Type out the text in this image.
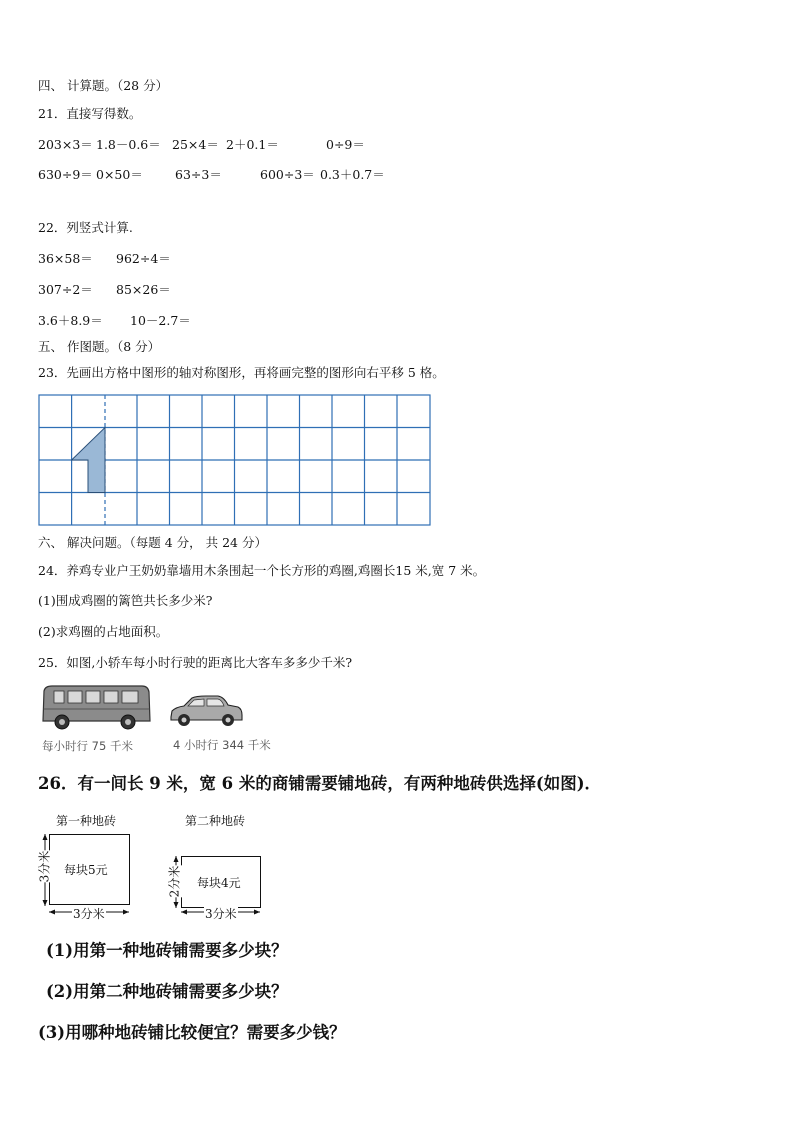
四、 计算题。（28 分）
21．直接写得数。
203×3＝ 1.8－0.6＝ 25×4＝ 2＋0.1＝	0÷9＝
630÷9＝ 0×50＝	63÷3＝	600÷3＝ 0.3＋0.7＝
22．列竖式计算.
36×58＝ 962÷4＝
307÷2＝ 85×26＝
3.6＋8.9＝ 10－2.7＝
五、 作图题。（8 分）
23．先画出方格中图形的轴对称图形，再将画完整的图形向右平移 5 格。
六、 解决问题。（每题 4 分， 共 24 分）
24．养鸡专业户王奶奶靠墙用木条围起一个长方形的鸡圈,鸡圈长15 米,宽 7 米。
(1)围成鸡圈的篱笆共长多少米?
(2)求鸡圈的占地面积。
25．如图,小轿车每小时行驶的距离比大客车多多少千米?
每小时行 75 千米	4 小时行 344 千米
26．有一间长 9 米，宽 6 米的商铺需要铺地砖，有两种地砖供选择(如图)．
第一种地砖
每块5元
3分米
3分米
第二种地砖
每块4元
2分米
3分米
(1)用第一种地砖铺需要多少块？
(2)用第二种地砖铺需要多少块？
(3)用哪种地砖铺比较便宜？需要多少钱？
